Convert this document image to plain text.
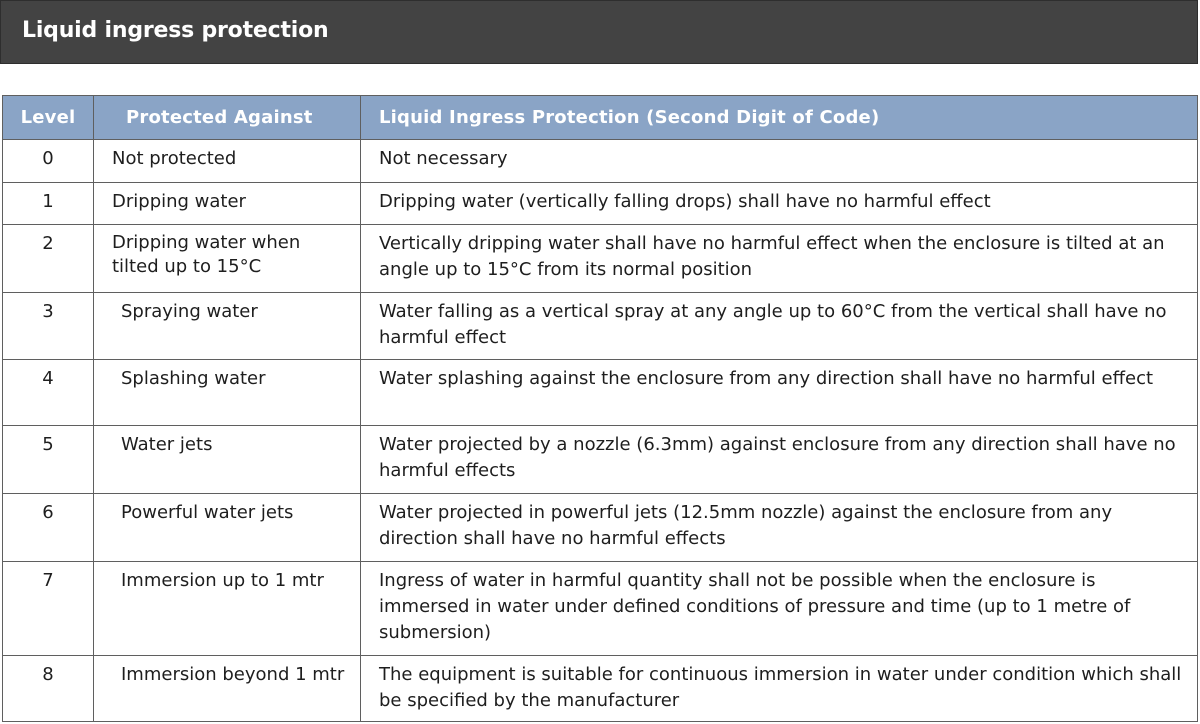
Liquid ingress protection
Level	Protected Against	Liquid Ingress Protection (Second Digit of Code)
0	Not protected	Not necessary
1	Dripping water	Dripping water (vertically falling drops) shall have no harmful effect
2	Dripping water when tilted up to 15°C	Vertically dripping water shall have no harmful effect when the enclosure is tilted at an angle up to 15°C from its normal position
3	Spraying water	Water falling as a vertical spray at any angle up to 60°C from the vertical shall have no harmful effect
4	Splashing water	Water splashing against the enclosure from any direction shall have no harmful effect
5	Water jets	Water projected by a nozzle (6.3mm) against enclosure from any direction shall have no harmful effects
6	Powerful water jets	Water projected in powerful jets (12.5mm nozzle) against the enclosure from any direction shall have no harmful effects
7	Immersion up to 1 mtr	Ingress of water in harmful quantity shall not be possible when the enclosure is immersed in water under defined conditions of pressure and time (up to 1 metre of submersion)
8	Immersion beyond 1 mtr	The equipment is suitable for continuous immersion in water under condition which shall be specified by the manufacturer
